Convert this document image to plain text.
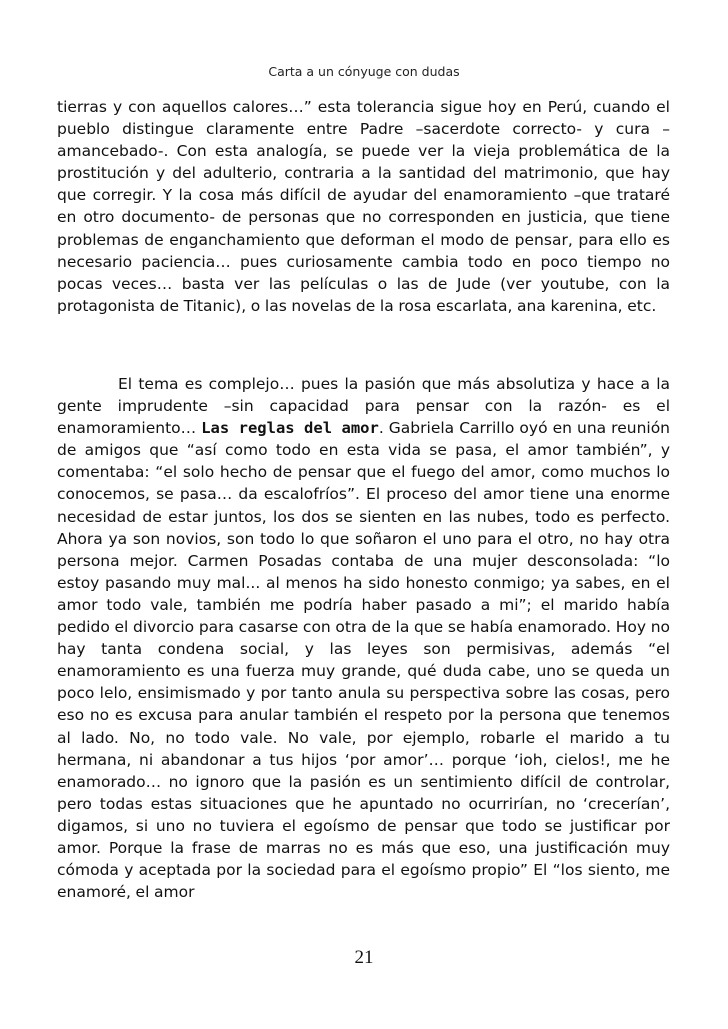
Carta a un cónyuge con dudas

tierras y con aquellos calores…” esta tolerancia sigue hoy en Perú, cuando el pueblo distingue claramente entre Padre –sacerdote correcto- y cura –amancebado-. Con esta analogía, se puede ver la vieja problemática de la prostitución y del adulterio, contraria a la santidad del matrimonio, que hay que corregir. Y la cosa más difícil de ayudar del enamoramiento –que trataré en otro documento- de personas que no corresponden en justicia, que tiene problemas de enganchamiento que deforman el modo de pensar, para ello es necesario paciencia… pues curiosamente cambia todo en poco tiempo no pocas veces… basta ver las películas o las de Jude (ver youtube, con la protagonista de Titanic), o las novelas de la rosa escarlata, ana karenina, etc.

El tema es complejo… pues la pasión que más absolutiza y hace a la gente imprudente –sin capacidad para pensar con la razón- es el enamoramiento… Las reglas del amor. Gabriela Carrillo oyó en una reunión de amigos que “así como todo en esta vida se pasa, el amor también”, y comentaba: “el solo hecho de pensar que el fuego del amor, como muchos lo conocemos, se pasa… da escalofríos”. El proceso del amor tiene una enorme necesidad de estar juntos, los dos se sienten en las nubes, todo es perfecto. Ahora ya son novios, son todo lo que soñaron el uno para el otro, no hay otra persona mejor. Carmen Posadas contaba de una mujer desconsolada: “lo estoy pasando muy mal... al menos ha sido honesto conmigo; ya sabes, en el amor todo vale, también me podría haber pasado a mi”; el marido había pedido el divorcio para casarse con otra de la que se había enamorado. Hoy no hay tanta condena social, y las leyes son permisivas, además “el enamoramiento es una fuerza muy grande, qué duda cabe, uno se queda un poco lelo, ensimismado y por tanto anula su perspectiva sobre las cosas, pero eso no es excusa para anular también el respeto por la persona que tenemos al lado. No, no todo vale. No vale, por ejemplo, robarle el marido a tu hermana, ni abandonar a tus hijos ‘por amor’… porque ‘ioh, cielos!, me he enamorado… no ignoro que la pasión es un sentimiento difícil de controlar, pero todas estas situaciones que he apuntado no ocurrirían, no ‘crecerían’, digamos, si uno no tuviera el egoísmo de pensar que todo se justificar por amor. Porque la frase de marras no es más que eso, una justificación muy cómoda y aceptada por la sociedad para el egoísmo propio” El “los siento, me enamoré, el amor

21
